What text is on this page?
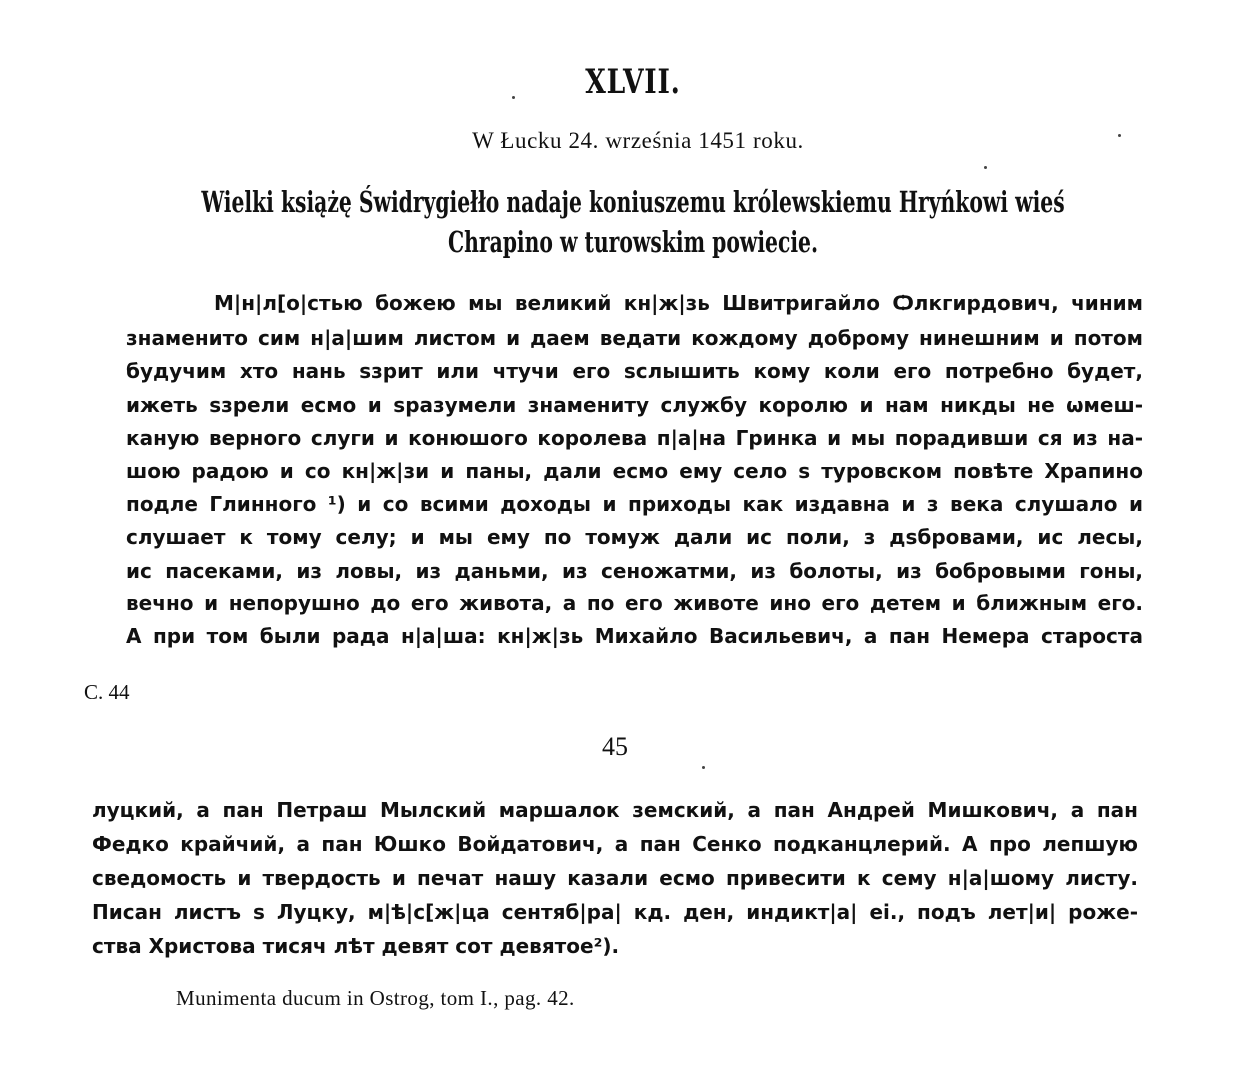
XLVII.
W Łucku 24. września 1451 roku.
Wielki książę Świdrygiełło nadaje koniuszemu królewskiemu Hryńkowi wieś
Chrapino w turowskim powiecie.
М|н|л[о|стью божею мы великий кн|ж|зь Швитригайло Ѻлкгирдович, чиним
знаменито сим н|а|шим листом и даем ведати кождому доброму нинешним и потом
будучим хто нань ѕзрит или чтучи его ѕслышить кому коли его потребно будет,
ижеть ѕзрели есмо и ѕразумели знамениту службу королю и нам никды не ѡмеш-
каную верного слуги и конюшого королева п|а|на Гринка и мы порадивши ся из на-
шою радою и со кн|ж|зи и паны, дали есмо ему село ѕ туровском повѣте Храпино
подле Глинного ¹) и со всими доходы и приходы как издавна и з века слушало и
слушает к тому селу; и мы ему по томуж дали ис поли, з дѕбровами, ис лесы,
ис пасеками, из ловы, из даньми, из сеножатми, из болоты, из бобровыми гоны,
вечно и непорушно до его живота, а по его животе ино его детем и ближным его.
А при том были рада н|а|ша: кн|ж|зь Михайло Васильевич, а пан Немера староста
C. 44
45
луцкий, а пан Петраш Мылский маршалок земский, а пан Андрей Мишкович, а пан
Федко крайчий, а пан Юшко Войдатович, а пан Сенко подканцлерий. А про лепшую
сведомость и твердость и печат нашу казали есмо привесити к сему н|а|шому листу.
Писан листъ ѕ Луцку, м|ѣ|с[ж|ца сентяб|ра| кд. ден, индикт|а| еі., подъ лет|и| роже-
ства Христова тисяч лѣт девят сот девятое²).
Munimenta ducum in Ostrog, tom I., pag. 42.
